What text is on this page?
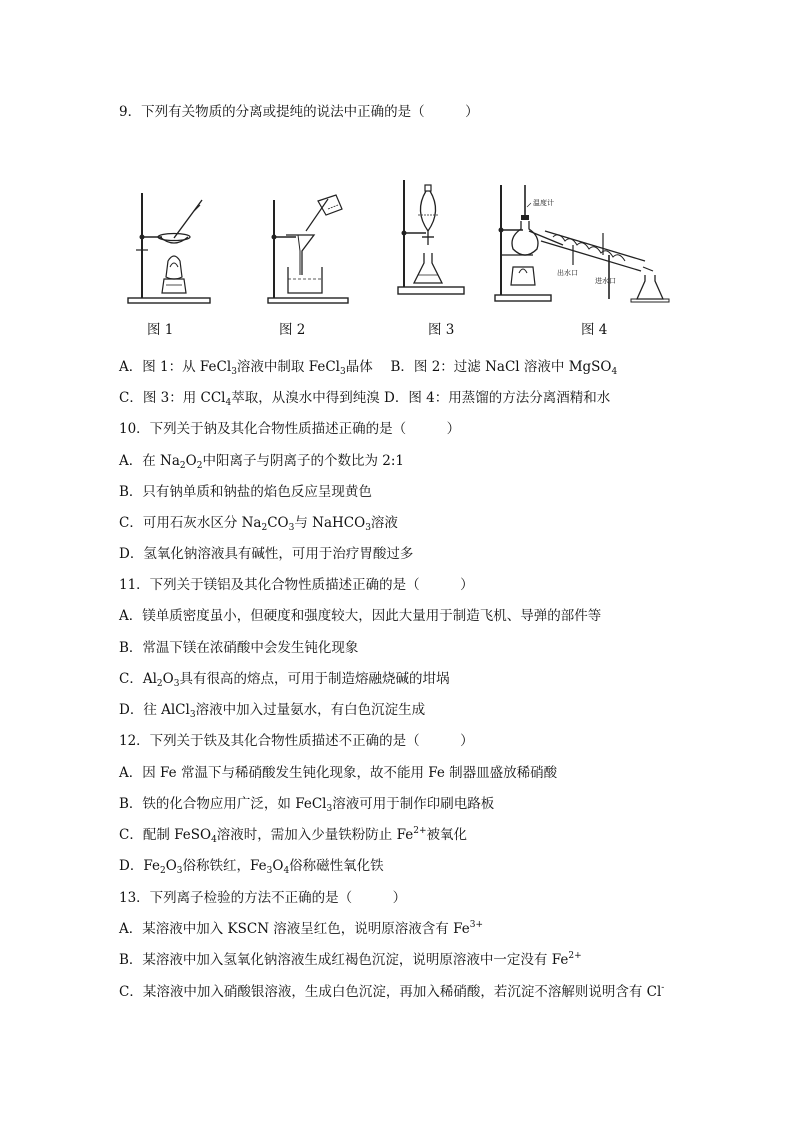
9．下列有关物质的分离或提纯的说法中正确的是（　　　）
温度计
出水口
进水口
图 1	图 2	图 3	图 4
A．图 1：从 FeCl$_3$溶液中制取 FeCl$_3$晶体　 B．图 2：过滤 NaCl 溶液中 MgSO$_4$
C．图 3：用 CCl$_4$萃取，从溴水中得到纯溴 D．图 4：用蒸馏的方法分离酒精和水
10．下列关于钠及其化合物性质描述正确的是（　　　）
A．在 $Na_2O_2$中阳离子与阴离子的个数比为 2:1
B．只有钠单质和钠盐的焰色反应呈现黄色
C．可用石灰水区分 $Na_2CO_3$与 NaHCO$_3$溶液
D．氢氧化钠溶液具有碱性，可用于治疗胃酸过多
11．下列关于镁铝及其化合物性质描述正确的是（　　　）
A．镁单质密度虽小，但硬度和强度较大，因此大量用于制造飞机、导弹的部件等
B．常温下镁在浓硝酸中会发生钝化现象
C．$Al_2O_3$具有很高的熔点，可用于制造熔融烧碱的坩埚
D．往 AlCl$_3$溶液中加入过量氨水，有白色沉淀生成
12．下列关于铁及其化合物性质描述不正确的是（　　　）
A．因 Fe 常温下与稀硝酸发生钝化现象，故不能用 Fe 制器皿盛放稀硝酸
B．铁的化合物应用广泛，如 FeCl$_3$溶液可用于制作印刷电路板
C．配制 FeSO$_4$溶液时，需加入少量铁粉防止 $Fe^{2+}$被氧化
D．$Fe_2O_3$俗称铁红，$Fe_3O_4$俗称磁性氧化铁
13．下列离子检验的方法不正确的是（　　　）
A．某溶液中加入 KSCN 溶液呈红色，说明原溶液含有 $Fe^{3+}$
B．某溶液中加入氢氧化钠溶液生成红褐色沉淀，说明原溶液中一定没有 $Fe^{2+}$
C．某溶液中加入硝酸银溶液，生成白色沉淀，再加入稀硝酸，若沉淀不溶解则说明含有 Cl-
